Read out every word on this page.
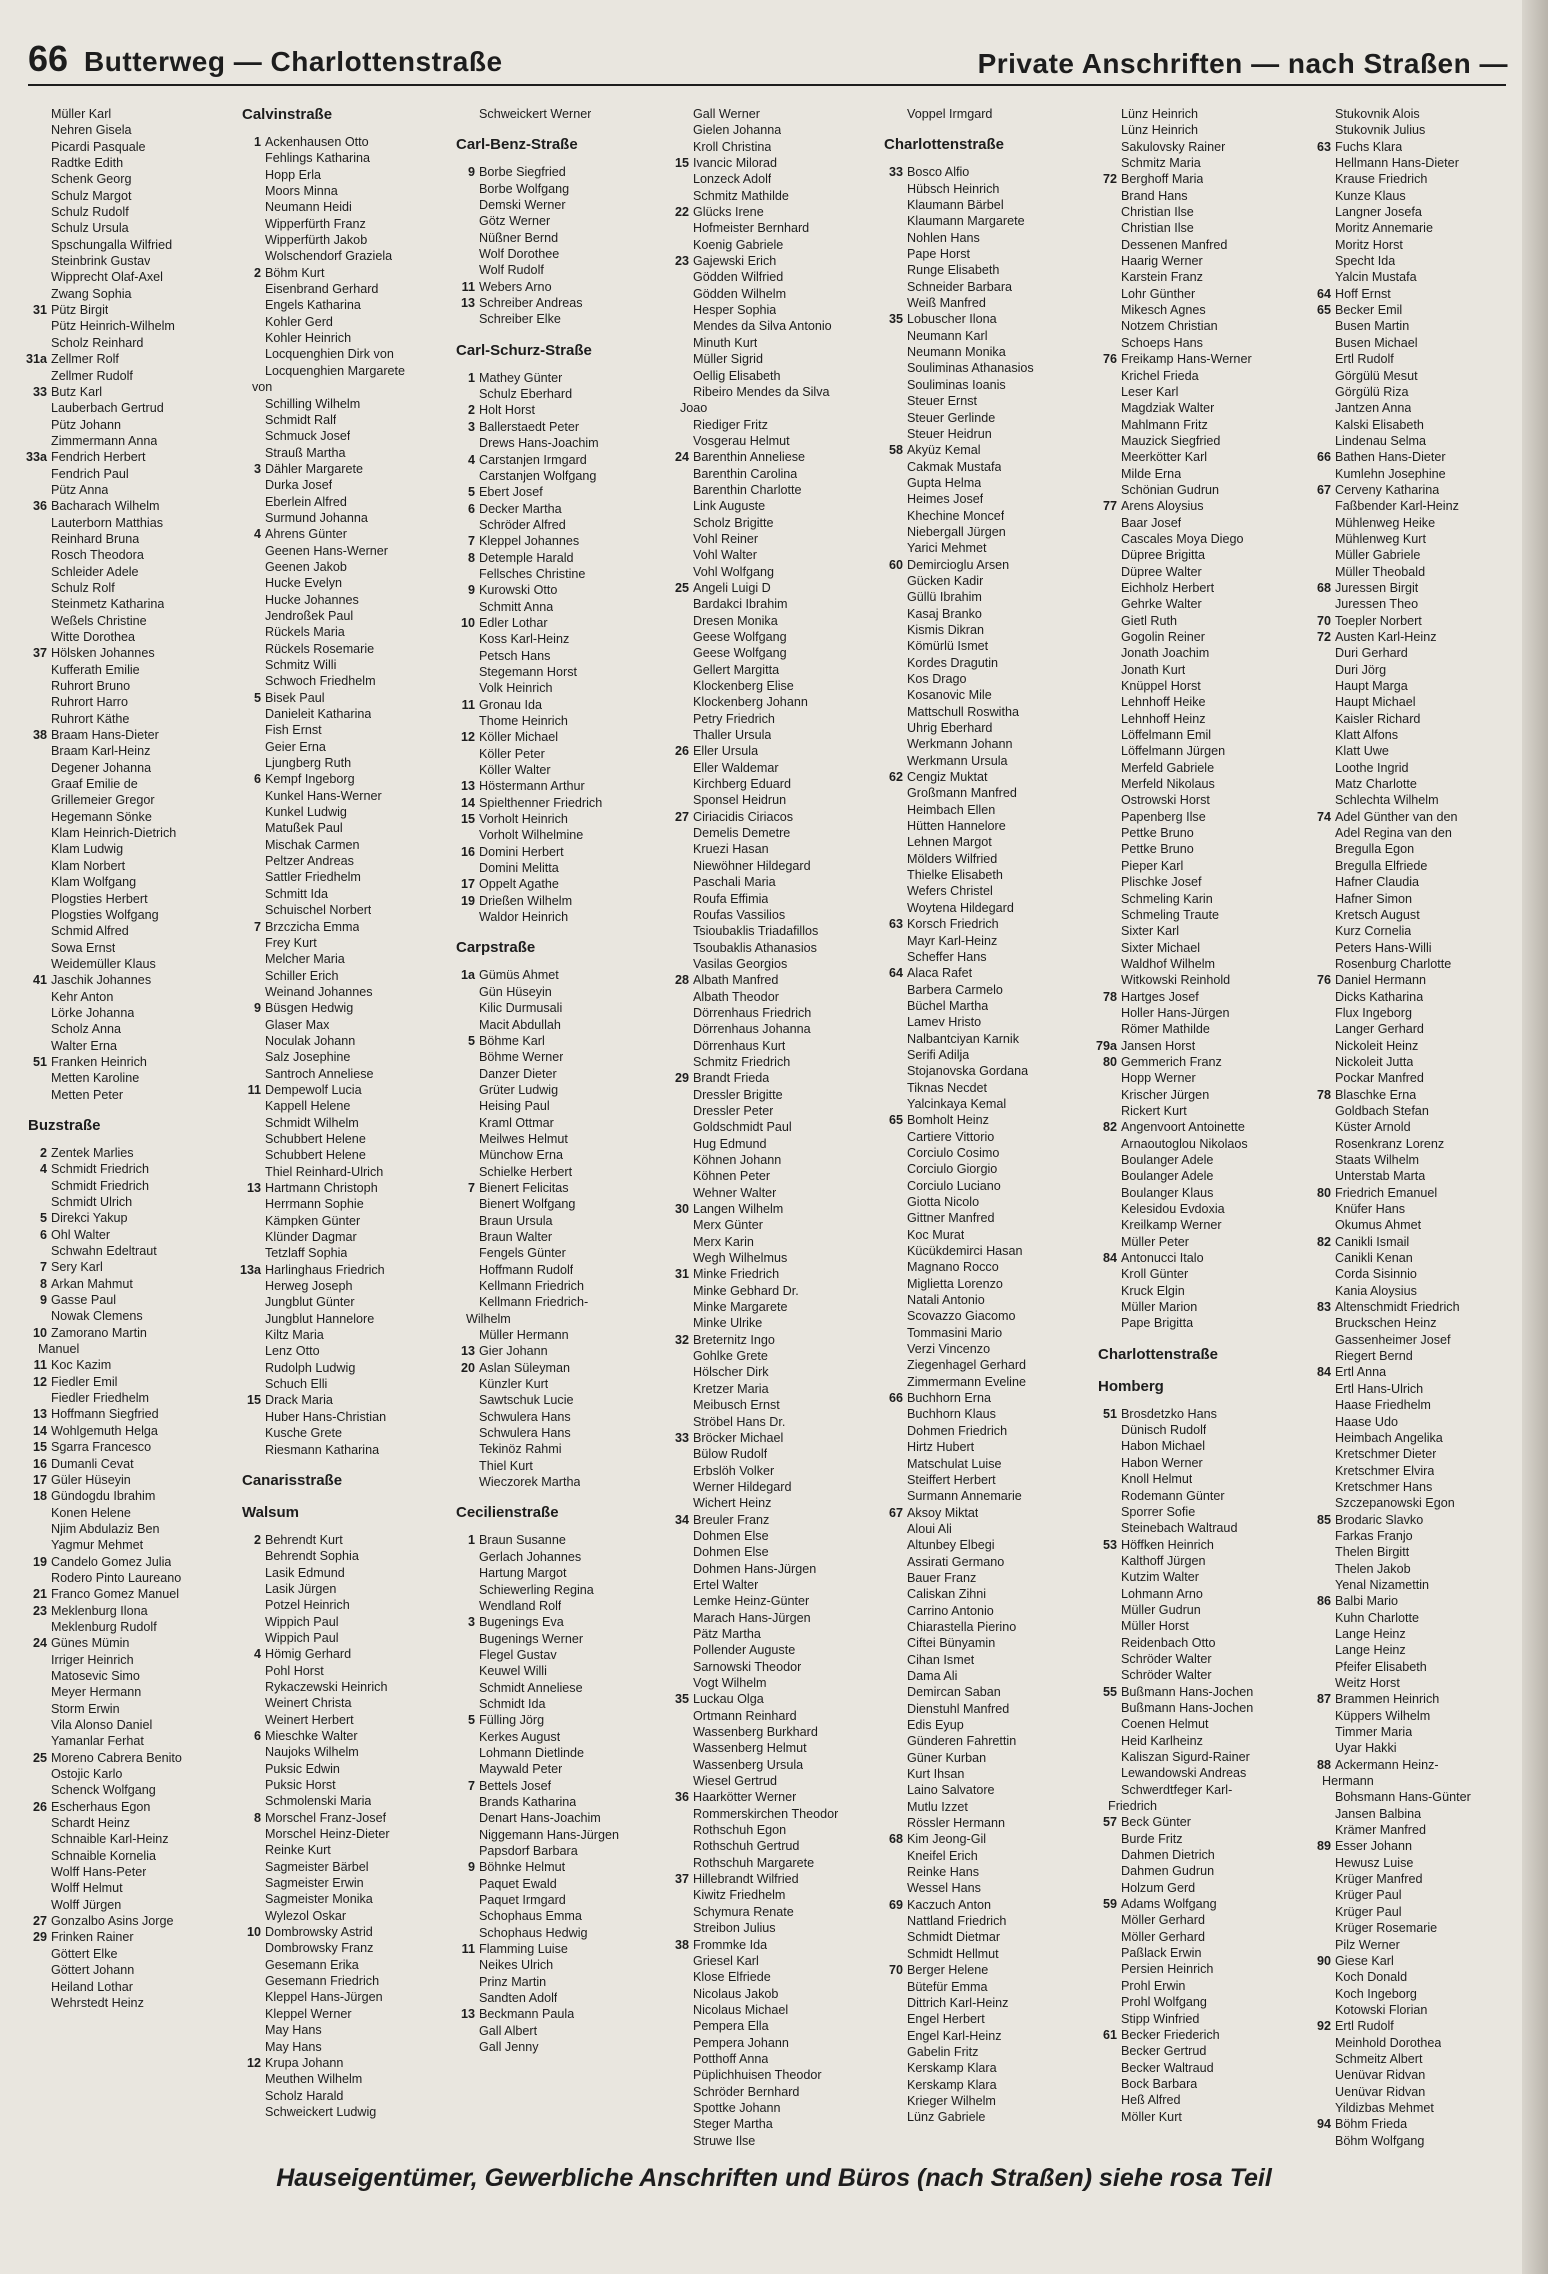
66 Butterweg — Charlottenstraße	Private Anschriften — nach Straßen —
Müller Karl
Nehren Gisela
Picardi Pasquale
Radtke Edith
Schenk Georg
Schulz Margot
Schulz Rudolf
Schulz Ursula
Spschungalla Wilfried
Steinbrink Gustav
Wipprecht Olaf-Axel
Zwang Sophia
31 Pütz Birgit
Pütz Heinrich-Wilhelm
Scholz Reinhard
31a Zellmer Rolf
Zellmer Rudolf
33 Butz Karl
Lauberbach Gertrud
Pütz Johann
Zimmermann Anna
33a Fendrich Herbert
Fendrich Paul
Pütz Anna
36 Bacharach Wilhelm
Lauterborn Matthias
Reinhard Bruna
Rosch Theodora
Schleider Adele
Schulz Rolf
Steinmetz Katharina
Weßels Christine
Witte Dorothea
37 Hölsken Johannes
Kufferath Emilie
Ruhrort Bruno
Ruhrort Harro
Ruhrort Käthe
38 Braam Hans-Dieter
Braam Karl-Heinz
Degener Johanna
Graaf Emilie de
Grillemeier Gregor
Hegemann Sönke
Klam Heinrich-Dietrich
Klam Ludwig
Klam Norbert
Klam Wolfgang
Plogsties Herbert
Plogsties Wolfgang
Schmid Alfred
Sowa Ernst
Weidemüller Klaus
41 Jaschik Johannes
Kehr Anton
Lörke Johanna
Scholz Anna
Walter Erna
51 Franken Heinrich
Metten Karoline
Metten Peter
Buzstraße
2 Zentek Marlies
4 Schmidt Friedrich
Schmidt Friedrich
Schmidt Ulrich
5 Direkci Yakup
6 Ohl Walter
Schwahn Edeltraut
7 Sery Karl
8 Arkan Mahmut
9 Gasse Paul
Nowak Clemens
10 Zamorano Martin
Manuel
11 Koc Kazim
12 Fiedler Emil
Fiedler Friedhelm
13 Hoffmann Siegfried
14 Wohlgemuth Helga
15 Sgarra Francesco
16 Dumanli Cevat
17 Güler Hüseyin
18 Gündogdu Ibrahim
Konen Helene
Njim Abdulaziz Ben
Yagmur Mehmet
19 Candelo Gomez Julia
Rodero Pinto Laureano
21 Franco Gomez Manuel
23 Meklenburg Ilona
Meklenburg Rudolf
24 Günes Mümin
Irriger Heinrich
Matosevic Simo
Meyer Hermann
Storm Erwin
Vila Alonso Daniel
Yamanlar Ferhat
25 Moreno Cabrera Benito
Ostojic Karlo
Schenck Wolfgang
26 Escherhaus Egon
Schardt Heinz
Schnaible Karl-Heinz
Schnaible Kornelia
Wolff Hans-Peter
Wolff Helmut
Wolff Jürgen
27 Gonzalbo Asins Jorge
29 Frinken Rainer
Göttert Elke
Göttert Johann
Heiland Lothar
Wehrstedt Heinz
Calvinstraße
1 Ackenhausen Otto
Fehlings Katharina
Hopp Erla
Moors Minna
Neumann Heidi
Wipperfürth Franz
Wipperfürth Jakob
Wolschendorf Graziela
2 Böhm Kurt
Eisenbrand Gerhard
Engels Katharina
Kohler Gerd
Kohler Heinrich
Locquenghien Dirk von
Locquenghien Margarete
von
Schilling Wilhelm
Schmidt Ralf
Schmuck Josef
Strauß Martha
3 Dähler Margarete
Durka Josef
Eberlein Alfred
Surmund Johanna
4 Ahrens Günter
Geenen Hans-Werner
Geenen Jakob
Hucke Evelyn
Hucke Johannes
Jendroßek Paul
Rückels Maria
Rückels Rosemarie
Schmitz Willi
Schwoch Friedhelm
5 Bisek Paul
Danieleit Katharina
Fish Ernst
Geier Erna
Ljungberg Ruth
6 Kempf Ingeborg
Kunkel Hans-Werner
Kunkel Ludwig
Matußek Paul
Mischak Carmen
Peltzer Andreas
Sattler Friedhelm
Schmitt Ida
Schuischel Norbert
7 Brzczicha Emma
Frey Kurt
Melcher Maria
Schiller Erich
Weinand Johannes
9 Büsgen Hedwig
Glaser Max
Noculak Johann
Salz Josephine
Santroch Anneliese
11 Dempewolf Lucia
Kappell Helene
Schmidt Wilhelm
Schubbert Helene
Schubbert Helene
Thiel Reinhard-Ulrich
13 Hartmann Christoph
Herrmann Sophie
Kämpken Günter
Klünder Dagmar
Tetzlaff Sophia
13a Harlinghaus Friedrich
Herweg Joseph
Jungblut Günter
Jungblut Hannelore
Kiltz Maria
Lenz Otto
Rudolph Ludwig
Schuch Elli
15 Drack Maria
Huber Hans-Christian
Kusche Grete
Riesmann Katharina
Canarisstraße
Walsum
2 Behrendt Kurt
Behrendt Sophia
Lasik Edmund
Lasik Jürgen
Potzel Heinrich
Wippich Paul
Wippich Paul
4 Hömig Gerhard
Pohl Horst
Rykaczewski Heinrich
Weinert Christa
Weinert Herbert
6 Mieschke Walter
Naujoks Wilhelm
Puksic Edwin
Puksic Horst
Schmolenski Maria
8 Morschel Franz-Josef
Morschel Heinz-Dieter
Reinke Kurt
Sagmeister Bärbel
Sagmeister Erwin
Sagmeister Monika
Wylezol Oskar
10 Dombrowsky Astrid
Dombrowsky Franz
Gesemann Erika
Gesemann Friedrich
Kleppel Hans-Jürgen
Kleppel Werner
May Hans
May Hans
12 Krupa Johann
Meuthen Wilhelm
Scholz Harald
Schweickert Ludwig
Schweickert Werner
Carl-Benz-Straße
9 Borbe Siegfried
Borbe Wolfgang
Demski Werner
Götz Werner
Nüßner Bernd
Wolf Dorothee
Wolf Rudolf
11 Webers Arno
13 Schreiber Andreas
Schreiber Elke
Carl-Schurz-Straße
1 Mathey Günter
Schulz Eberhard
2 Holt Horst
3 Ballerstaedt Peter
Drews Hans-Joachim
4 Carstanjen Irmgard
Carstanjen Wolfgang
5 Ebert Josef
6 Decker Martha
Schröder Alfred
7 Kleppel Johannes
8 Detemple Harald
Fellsches Christine
9 Kurowski Otto
Schmitt Anna
10 Edler Lothar
Koss Karl-Heinz
Petsch Hans
Stegemann Horst
Volk Heinrich
11 Gronau Ida
Thome Heinrich
12 Köller Michael
Köller Peter
Köller Walter
13 Höstermann Arthur
14 Spielthenner Friedrich
15 Vorholt Heinrich
Vorholt Wilhelmine
16 Domini Herbert
Domini Melitta
17 Oppelt Agathe
19 Drießen Wilhelm
Waldor Heinrich
Carpstraße
1a Gümüs Ahmet
Gün Hüseyin
Kilic Durmusali
Macit Abdullah
5 Böhme Karl
Böhme Werner
Danzer Dieter
Grüter Ludwig
Heising Paul
Kraml Ottmar
Meilwes Helmut
Münchow Erna
Schielke Herbert
7 Bienert Felicitas
Bienert Wolfgang
Braun Ursula
Braun Walter
Fengels Günter
Hoffmann Rudolf
Kellmann Friedrich
Kellmann Friedrich-
Wilhelm
Müller Hermann
13 Gier Johann
20 Aslan Süleyman
Künzler Kurt
Sawtschuk Lucie
Schwulera Hans
Schwulera Hans
Tekinöz Rahmi
Thiel Kurt
Wieczorek Martha
Cecilienstraße
1 Braun Susanne
Gerlach Johannes
Hartung Margot
Schiewerling Regina
Wendland Rolf
3 Bugenings Eva
Bugenings Werner
Flegel Gustav
Keuwel Willi
Schmidt Anneliese
Schmidt Ida
5 Fülling Jörg
Kerkes August
Lohmann Dietlinde
Maywald Peter
7 Bettels Josef
Brands Katharina
Denart Hans-Joachim
Niggemann Hans-Jürgen
Papsdorf Barbara
9 Böhnke Helmut
Paquet Ewald
Paquet Irmgard
Schophaus Emma
Schophaus Hedwig
11 Flamming Luise
Neikes Ulrich
Prinz Martin
Sandten Adolf
13 Beckmann Paula
Gall Albert
Gall Jenny
Gall Werner
Gielen Johanna
Kroll Christina
15 Ivancic Milorad
Lonzeck Adolf
Schmitz Mathilde
22 Glücks Irene
Hofmeister Bernhard
Koenig Gabriele
23 Gajewski Erich
Gödden Wilfried
Gödden Wilhelm
Hesper Sophia
Mendes da Silva Antonio
Minuth Kurt
Müller Sigrid
Oellig Elisabeth
Ribeiro Mendes da Silva
Joao
Riediger Fritz
Vosgerau Helmut
24 Barenthin Anneliese
Barenthin Carolina
Barenthin Charlotte
Link Auguste
Scholz Brigitte
Vohl Reiner
Vohl Walter
Vohl Wolfgang
25 Angeli Luigi D
Bardakci Ibrahim
Dresen Monika
Geese Wolfgang
Geese Wolfgang
Gellert Margitta
Klockenberg Elise
Klockenberg Johann
Petry Friedrich
Thaller Ursula
26 Eller Ursula
Eller Waldemar
Kirchberg Eduard
Sponsel Heidrun
27 Ciriacidis Ciriacos
Demelis Demetre
Kruezi Hasan
Niewöhner Hildegard
Paschali Maria
Roufa Effimia
Roufas Vassilios
Tsioubaklis Triadafillos
Tsoubaklis Athanasios
Vasilas Georgios
28 Albath Manfred
Albath Theodor
Dörrenhaus Friedrich
Dörrenhaus Johanna
Dörrenhaus Kurt
Schmitz Friedrich
29 Brandt Frieda
Dressler Brigitte
Dressler Peter
Goldschmidt Paul
Hug Edmund
Köhnen Johann
Köhnen Peter
Wehner Walter
30 Langen Wilhelm
Merx Günter
Merx Karin
Wegh Wilhelmus
31 Minke Friedrich
Minke Gebhard Dr.
Minke Margarete
Minke Ulrike
32 Breternitz Ingo
Gohlke Grete
Hölscher Dirk
Kretzer Maria
Meibusch Ernst
Ströbel Hans Dr.
33 Bröcker Michael
Bülow Rudolf
Erbslöh Volker
Werner Hildegard
Wichert Heinz
34 Breuler Franz
Dohmen Else
Dohmen Else
Dohmen Hans-Jürgen
Ertel Walter
Lemke Heinz-Günter
Marach Hans-Jürgen
Pätz Martha
Pollender Auguste
Sarnowski Theodor
Vogt Wilhelm
35 Luckau Olga
Ortmann Reinhard
Wassenberg Burkhard
Wassenberg Helmut
Wassenberg Ursula
Wiesel Gertrud
36 Haarkötter Werner
Rommerskirchen Theodor
Rothschuh Egon
Rothschuh Gertrud
Rothschuh Margarete
37 Hillebrandt Wilfried
Kiwitz Friedhelm
Schymura Renate
Streibon Julius
38 Frommke Ida
Griesel Karl
Klose Elfriede
Nicolaus Jakob
Nicolaus Michael
Pempera Ella
Pempera Johann
Potthoff Anna
Püplichhuisen Theodor
Schröder Bernhard
Spottke Johann
Steger Martha
Struwe Ilse
Voppel Irmgard
Charlottenstraße
33 Bosco Alfio
Hübsch Heinrich
Klaumann Bärbel
Klaumann Margarete
Nohlen Hans
Pape Horst
Runge Elisabeth
Schneider Barbara
Weiß Manfred
35 Lobuscher Ilona
Neumann Karl
Neumann Monika
Souliminas Athanasios
Souliminas Ioanis
Steuer Ernst
Steuer Gerlinde
Steuer Heidrun
58 Akyüz Kemal
Cakmak Mustafa
Gupta Helma
Heimes Josef
Khechine Moncef
Niebergall Jürgen
Yarici Mehmet
60 Demircioglu Arsen
Gücken Kadir
Güllü Ibrahim
Kasaj Branko
Kismis Dikran
Kömürlü Ismet
Kordes Dragutin
Kos Drago
Kosanovic Mile
Mattschull Roswitha
Uhrig Eberhard
Werkmann Johann
Werkmann Ursula
62 Cengiz Muktat
Großmann Manfred
Heimbach Ellen
Hütten Hannelore
Lehnen Margot
Mölders Wilfried
Thielke Elisabeth
Wefers Christel
Woytena Hildegard
63 Korsch Friedrich
Mayr Karl-Heinz
Scheffer Hans
64 Alaca Rafet
Barbera Carmelo
Büchel Martha
Lamev Hristo
Nalbantciyan Karnik
Serifi Adilja
Stojanovska Gordana
Tiknas Necdet
Yalcinkaya Kemal
65 Bomholt Heinz
Cartiere Vittorio
Corciulo Cosimo
Corciulo Giorgio
Corciulo Luciano
Giotta Nicolo
Gittner Manfred
Koc Murat
Kücükdemirci Hasan
Magnano Rocco
Miglietta Lorenzo
Natali Antonio
Scovazzo Giacomo
Tommasini Mario
Verzi Vincenzo
Ziegenhagel Gerhard
Zimmermann Eveline
66 Buchhorn Erna
Buchhorn Klaus
Dohmen Friedrich
Hirtz Hubert
Matschulat Luise
Steiffert Herbert
Surmann Annemarie
67 Aksoy Miktat
Aloui Ali
Altunbey Elbegi
Assirati Germano
Bauer Franz
Caliskan Zihni
Carrino Antonio
Chiarastella Pierino
Ciftei Bünyamin
Cihan Ismet
Dama Ali
Demircan Saban
Dienstuhl Manfred
Edis Eyup
Günderen Fahrettin
Güner Kurban
Kurt Ihsan
Laino Salvatore
Mutlu Izzet
Rössler Hermann
68 Kim Jeong-Gil
Kneifel Erich
Reinke Hans
Wessel Hans
69 Kaczuch Anton
Nattland Friedrich
Schmidt Dietmar
Schmidt Hellmut
70 Berger Helene
Bütefür Emma
Dittrich Karl-Heinz
Engel Herbert
Engel Karl-Heinz
Gabelin Fritz
Kerskamp Klara
Kerskamp Klara
Krieger Wilhelm
Lünz Gabriele
Lünz Heinrich
Lünz Heinrich
Sakulovsky Rainer
Schmitz Maria
72 Berghoff Maria
Brand Hans
Christian Ilse
Christian Ilse
Dessenen Manfred
Haarig Werner
Karstein Franz
Lohr Günther
Mikesch Agnes
Notzem Christian
Schoeps Hans
76 Freikamp Hans-Werner
Krichel Frieda
Leser Karl
Magdziak Walter
Mahlmann Fritz
Mauzick Siegfried
Meerkötter Karl
Milde Erna
Schönian Gudrun
77 Arens Aloysius
Baar Josef
Cascales Moya Diego
Düpree Brigitta
Düpree Walter
Eichholz Herbert
Gehrke Walter
Gietl Ruth
Gogolin Reiner
Jonath Joachim
Jonath Kurt
Knüppel Horst
Lehnhoff Heike
Lehnhoff Heinz
Löffelmann Emil
Löffelmann Jürgen
Merfeld Gabriele
Merfeld Nikolaus
Ostrowski Horst
Papenberg Ilse
Pettke Bruno
Pettke Bruno
Pieper Karl
Plischke Josef
Schmeling Karin
Schmeling Traute
Sixter Karl
Sixter Michael
Waldhof Wilhelm
Witkowski Reinhold
78 Hartges Josef
Holler Hans-Jürgen
Römer Mathilde
79a Jansen Horst
80 Gemmerich Franz
Hopp Werner
Krischer Jürgen
Rickert Kurt
82 Angenvoort Antoinette
Arnaoutoglou Nikolaos
Boulanger Adele
Boulanger Adele
Boulanger Klaus
Kelesidou Evdoxia
Kreilkamp Werner
Müller Peter
84 Antonucci Italo
Kroll Günter
Kruck Elgin
Müller Marion
Pape Brigitta
Charlottenstraße
Homberg
51 Brosdetzko Hans
Dünisch Rudolf
Habon Michael
Habon Werner
Knoll Helmut
Rodemann Günter
Sporrer Sofie
Steinebach Waltraud
53 Höffken Heinrich
Kalthoff Jürgen
Kutzim Walter
Lohmann Arno
Müller Gudrun
Müller Horst
Reidenbach Otto
Schröder Walter
Schröder Walter
55 Bußmann Hans-Jochen
Bußmann Hans-Jochen
Coenen Helmut
Heid Karlheinz
Kaliszan Sigurd-Rainer
Lewandowski Andreas
Schwerdtfeger Karl-
Friedrich
57 Beck Günter
Burde Fritz
Dahmen Dietrich
Dahmen Gudrun
Holzum Gerd
59 Adams Wolfgang
Möller Gerhard
Möller Gerhard
Paßlack Erwin
Persien Heinrich
Prohl Erwin
Prohl Wolfgang
Stipp Winfried
61 Becker Friederich
Becker Gertrud
Becker Waltraud
Bock Barbara
Heß Alfred
Möller Kurt
Stukovnik Alois
Stukovnik Julius
63 Fuchs Klara
Hellmann Hans-Dieter
Krause Friedrich
Kunze Klaus
Langner Josefa
Moritz Annemarie
Moritz Horst
Specht Ida
Yalcin Mustafa
64 Hoff Ernst
65 Becker Emil
Busen Martin
Busen Michael
Ertl Rudolf
Görgülü Mesut
Görgülü Riza
Jantzen Anna
Kalski Elisabeth
Lindenau Selma
66 Bathen Hans-Dieter
Kumlehn Josephine
67 Cerveny Katharina
Faßbender Karl-Heinz
Mühlenweg Heike
Mühlenweg Kurt
Müller Gabriele
Müller Theobald
68 Juressen Birgit
Juressen Theo
70 Toepler Norbert
72 Austen Karl-Heinz
Duri Gerhard
Duri Jörg
Haupt Marga
Haupt Michael
Kaisler Richard
Klatt Alfons
Klatt Uwe
Loothe Ingrid
Matz Charlotte
Schlechta Wilhelm
74 Adel Günther van den
Adel Regina van den
Bregulla Egon
Bregulla Elfriede
Hafner Claudia
Hafner Simon
Kretsch August
Kurz Cornelia
Peters Hans-Willi
Rosenburg Charlotte
76 Daniel Hermann
Dicks Katharina
Flux Ingeborg
Langer Gerhard
Nickoleit Heinz
Nickoleit Jutta
Pockar Manfred
78 Blaschke Erna
Goldbach Stefan
Küster Arnold
Rosenkranz Lorenz
Staats Wilhelm
Unterstab Marta
80 Friedrich Emanuel
Knüfer Hans
Okumus Ahmet
82 Canikli Ismail
Canikli Kenan
Corda Sisinnio
Kania Aloysius
83 Altenschmidt Friedrich
Bruckschen Heinz
Gassenheimer Josef
Riegert Bernd
84 Ertl Anna
Ertl Hans-Ulrich
Haase Friedhelm
Haase Udo
Heimbach Angelika
Kretschmer Dieter
Kretschmer Elvira
Kretschmer Hans
Szczepanowski Egon
85 Brodaric Slavko
Farkas Franjo
Thelen Birgitt
Thelen Jakob
Yenal Nizamettin
86 Balbi Mario
Kuhn Charlotte
Lange Heinz
Lange Heinz
Pfeifer Elisabeth
Weitz Horst
87 Brammen Heinrich
Küppers Wilhelm
Timmer Maria
Uyar Hakki
88 Ackermann Heinz-
Hermann
Bohsmann Hans-Günter
Jansen Balbina
Krämer Manfred
89 Esser Johann
Hewusz Luise
Krüger Manfred
Krüger Paul
Krüger Paul
Krüger Rosemarie
Pilz Werner
90 Giese Karl
Koch Donald
Koch Ingeborg
Kotowski Florian
92 Ertl Rudolf
Meinhold Dorothea
Schmeitz Albert
Uenüvar Ridvan
Uenüvar Ridvan
Yildizbas Mehmet
94 Böhm Frieda
Böhm Wolfgang
Hauseigentümer, Gewerbliche Anschriften und Büros (nach Straßen) siehe rosa Teil
